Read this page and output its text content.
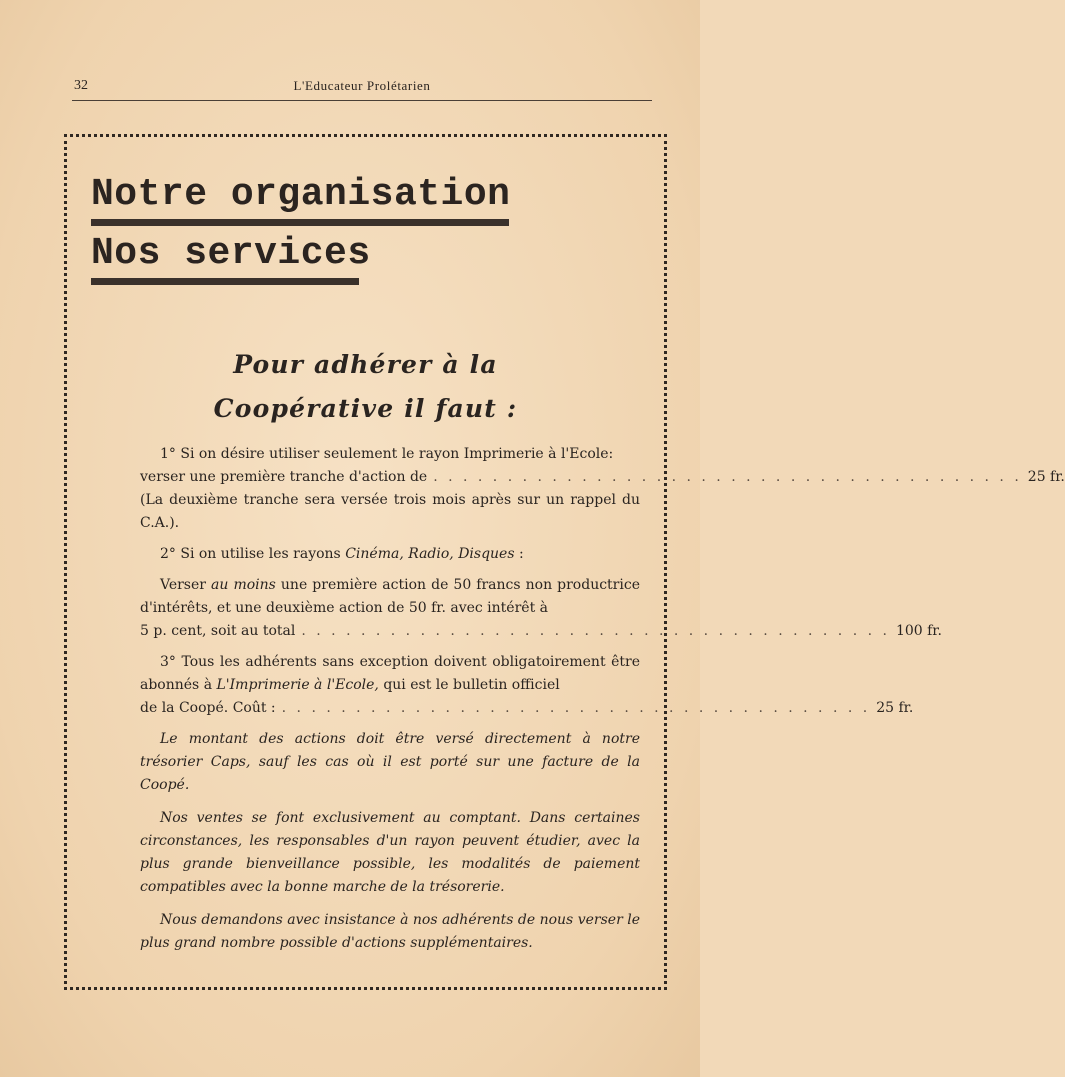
32	L'Educateur Prolétarien
Notre organisation
Nos services
Pour adhérer à la
Coopérative il faut :

1° Si on désire utiliser seulement le rayon Imprimerie à l'Ecole:

verser une première tranche d'action de . . . . . . . . . . . . . . . . . . . . . . . . . . . . . . . . . . . . . . . . 25 fr.

(La deuxième tranche sera versée trois mois après sur un rappel du C.A.).

2° Si on utilise les rayons Cinéma, Radio, Disques :

Verser au moins une première action de 50 francs non productrice d'intérêts, et une deuxième action de 50 fr. avec intérêt à

5 p. cent, soit au total . . . . . . . . . . . . . . . . . . . . . . . . . . . . . . . . . . . . . . . . 100 fr.

3° Tous les adhérents sans exception doivent obligatoirement être abonnés à L'Imprimerie à l'Ecole, qui est le bulletin officiel

de la Coopé. Coût : . . . . . . . . . . . . . . . . . . . . . . . . . . . . . . . . . . . . . . . . 25 fr.

Le montant des actions doit être versé directement à notre trésorier Caps, sauf les cas où il est porté sur une facture de la Coopé.

Nos ventes se font exclusivement au comptant. Dans certaines circonstances, les responsables d'un rayon peuvent étudier, avec la plus grande bienveillance possible, les modalités de paiement compatibles avec la bonne marche de la trésorerie.

Nous demandons avec insistance à nos adhérents de nous verser le plus grand nombre possible d'actions supplémentaires.
